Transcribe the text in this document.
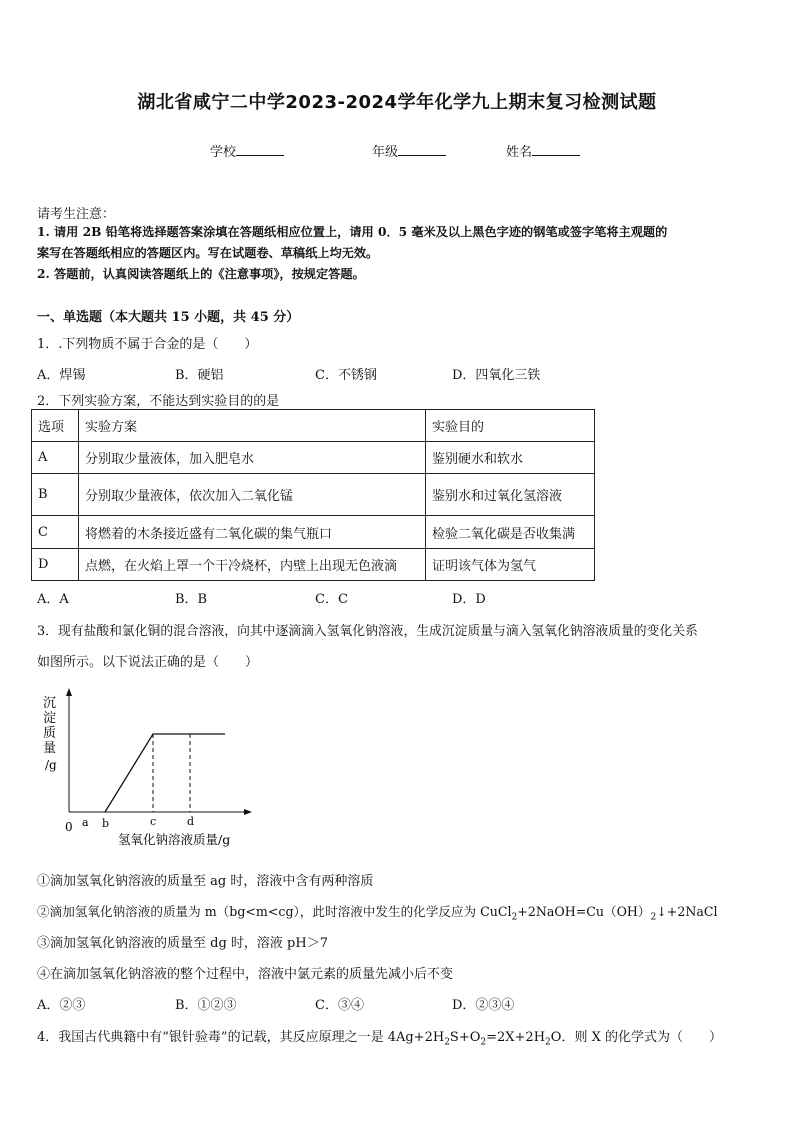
湖北省咸宁二中学2023-2024学年化学九上期末复习检测试题
学校	年级	姓名
请考生注意：
1. 请用 2B 铅笔将选择题答案涂填在答题纸相应位置上，请用 0．5 毫米及以上黑色字迹的钢笔或签字笔将主观题的
案写在答题纸相应的答题区内。写在试题卷、草稿纸上均无效。
2. 答题前，认真阅读答题纸上的《注意事项》，按规定答题。
一、单选题（本大题共 15 小题，共 45 分）
1．.下列物质不属于合金的是（　　）
A．焊锡	B．硬铝	C．不锈钢	D．四氧化三铁
2．下列实验方案，不能达到实验目的的是
选项	实验方案	实验目的
A	分别取少量液体，加入肥皂水	鉴别硬水和软水
B	分别取少量液体，依次加入二氧化锰	鉴别水和过氧化氢溶液
C	将燃着的木条接近盛有二氧化碳的集气瓶口	检验二氧化碳是否收集满
D	点燃，在火焰上罩一个干冷烧杯，内壁上出现无色液滴	证明该气体为氢气
A．A	B．B	C．C	D．D
3．现有盐酸和氯化铜的混合溶液，向其中逐滴滴入氢氧化钠溶液，生成沉淀质量与滴入氢氧化钠溶液质量的变化关系
如图所示。以下说法正确的是（　　）
沉
淀
质
量
/g
0 a b	c	d
氢氧化钠溶液质量/g
①滴加氢氧化钠溶液的质量至 ag 时，溶液中含有两种溶质
②滴加氢氧化钠溶液的质量为 m（bg<m<cg），此时溶液中发生的化学反应为 $CuCl_2+2NaOH=Cu(OH)_2↓+2NaCl$
③滴加氢氧化钠溶液的质量至 dg 时，溶液 pH＞7
④在滴加氢氧化钠溶液的整个过程中，溶液中氯元素的质量先减小后不变
A．②③	B．①②③	C．③④	D．②③④
4．我国古代典籍中有“银针验毒”的记载，其反应原理之一是 $4Ag+2H_2S+O_2=2X+2H_2O$．则 X 的化学式为（　　）
